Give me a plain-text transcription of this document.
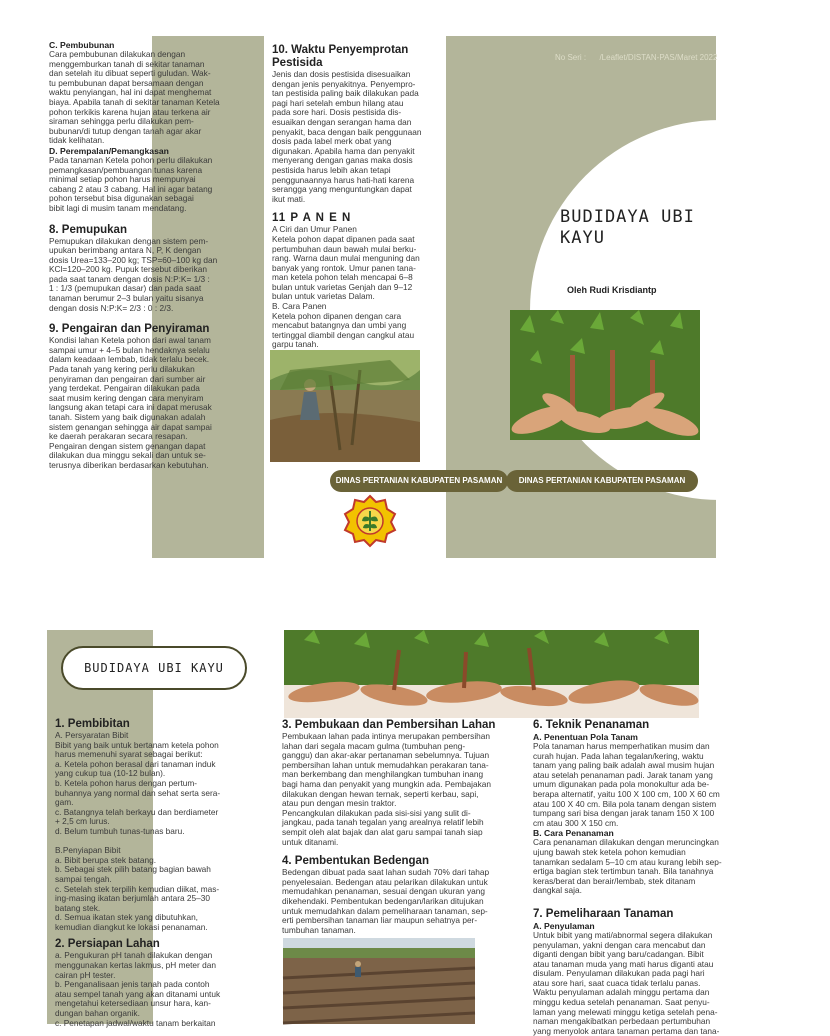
C. Pembubunan

Cara pembubunan dilakukan dengan
menggemburkan tanah di sekitar tanaman
dan setelah itu dibuat seperti guludan. Wak-
tu pembubunan dapat bersamaan dengan
waktu penyiangan, hal ini dapat menghemat
biaya. Apabila tanah di sekitar tanaman Ketela
pohon terkikis karena hujan atau terkena air
siraman sehingga perlu dilakukan pem-
bubunan/di tutup dengan tanah agar akar
tidak kelihatan.

D. Perempalan/Pemangkasan

Pada tanaman Ketela pohon perlu dilakukan
pemangkasan/pembuangan tunas karena
minimal setiap pohon harus mempunyai
cabang 2 atau 3 cabang. Hal ini agar batang
pohon tersebut bisa digunakan sebagai
bibit lagi di musim tanam mendatang.

8. Pemupukan

Pemupukan dilakukan dengan sistem pem-
upukan berimbang antara N, P, K dengan
dosis Urea=133–200 kg; TSP=60–100 kg dan
KCl=120–200 kg. Pupuk tersebut diberikan
pada saat tanam dengan dosis N:P:K= 1/3 :
1 : 1/3 (pemupukan dasar) dan pada saat
tanaman berumur 2–3 bulan yaitu sisanya
dengan dosis N:P:K= 2/3 : 0 : 2/3.

9. Pengairan dan Penyiraman

Kondisi lahan Ketela pohon dari awal tanam
sampai umur + 4–5 bulan hendaknya selalu
dalam keadaan lembab, tidak terlalu becek.
Pada tanah yang kering perlu dilakukan
penyiraman dan pengairan dari sumber air
yang terdekat. Pengairan dilakukan pada
saat musim kering dengan cara menyiram
langsung akan tetapi cara ini dapat merusak
tanah. Sistem yang baik digunakan adalah
sistem genangan sehingga air dapat sampai
ke daerah perakaran secara resapan.
Pengairan dengan sistem genangan dapat
dilakukan dua minggu sekali dan untuk se-
terusnya diberikan berdasarkan kebutuhan.

10. Waktu Penyemprotan
Pestisida

Jenis dan dosis pestisida disesuaikan
dengan jenis penyakitnya. Penyempro-
tan pestisida paling baik dilakukan pada
pagi hari setelah embun hilang atau
pada sore hari. Dosis pestisida dis-
esuaikan dengan serangan hama dan
penyakit, baca dengan baik penggunaan
dosis pada label merk obat yang
digunakan. Apabila hama dan penyakit
menyerang dengan ganas maka dosis
pestisida harus lebih akan tetapi
penggunaannya harus hati-hati karena
serangga yang menguntungkan dapat
ikut mati.

11 P A N E N

A Ciri dan Umur Panen
Ketela pohon dapat dipanen pada saat
pertumbuhan daun bawah mulai berku-
rang. Warna daun mulai menguning dan
banyak yang rontok. Umur panen tana-
man ketela pohon telah mencapai 6–8
bulan untuk varietas Genjah dan 9–12
bulan untuk varietas Dalam.
B. Cara Panen
Ketela pohon dipanen dengan cara
mencabut batangnya dan umbi yang
tertinggal diambil dengan cangkul atau
garpu tanah.

DINAS PERTANIAN KABUPATEN PASAMAN
No Seri :      /Leaflet/DISTAN-PAS/Maret 2022
BUDIDAYA UBI
KAYU
Oleh Rudi Krisdiantp
DINAS PERTANIAN KABUPATEN PASAMAN
BUDIDAYA UBI KAYU

1. Pembibitan

A. Persyaratan Bibit
Bibit yang baik untuk bertanam ketela pohon
harus memenuhi syarat sebagai berikut:
a. Ketela pohon berasal dari tanaman induk
yang cukup tua (10-12 bulan).
b. Ketela pohon harus dengan pertum-
buhannya yang normal dan sehat serta sera-
gam.
c. Batangnya telah berkayu dan berdiameter
+ 2,5 cm lurus.
d. Belum tumbuh tunas-tunas baru.

B.Penyiapan Bibit
a. Bibit berupa stek batang.
b. Sebagai stek pilih batang bagian bawah
sampai tengah.
c. Setelah stek terpilih kemudian diikat, mas-
ing-masing ikatan berjumlah antara 25–30
batang stek.
d. Semua ikatan stek yang dibutuhkan,
kemudian diangkut ke lokasi penanaman.

2. Persiapan Lahan

a. Pengukuran pH tanah dilakukan dengan
menggunakan kertas lakmus, pH meter dan
cairan pH tester.
b. Penganalisaan jenis tanah pada contoh
atau sempel tanah yang akan ditanami untuk
mengetahui ketersediaan unsur hara, kan-
dungan bahan organik.
c. Penetapan jadwal/waktu tanam berkaitan

3. Pembukaan dan Pembersihan Lahan

Pembukaan lahan pada intinya merupakan pembersihan
lahan dari segala macam gulma (tumbuhan peng-
ganggu) dan akar-akar pertanaman sebelumnya. Tujuan
pembersihan lahan untuk memudahkan perakaran tana-
man berkembang dan menghilangkan tumbuhan inang
bagi hama dan penyakit yang mungkin ada. Pembajakan
dilakukan dengan hewan ternak, seperti kerbau, sapi,
atau pun dengan mesin traktor.
Pencangkulan dilakukan pada sisi-sisi yang sulit di-
jangkau, pada tanah tegalan yang arealnya relatif lebih
sempit oleh alat bajak dan alat garu sampai tanah siap
untuk ditanami.

4. Pembentukan Bedengan

Bedengan dibuat pada saat lahan sudah 70% dari tahap
penyelesaian. Bedengan atau pelarikan dilakukan untuk
memudahkan penanaman, sesuai dengan ukuran yang
dikehendaki. Pembentukan bedengan/larikan ditujukan
untuk memudahkan dalam pemeliharaan tanaman, sep-
erti pembersihan tanaman liar maupun sehatnya per-
tumbuhan tanaman.

6. Teknik Penanaman

A. Penentuan Pola Tanam

Pola tanaman harus memperhatikan musim dan
curah hujan. Pada lahan tegalan/kering, waktu
tanam yang paling baik adalah awal musim hujan
atau setelah penanaman padi. Jarak tanam yang
umum digunakan pada pola monokultur ada be-
berapa alternatif, yaitu 100 X 100 cm, 100 X 60 cm
atau 100 X 40 cm. Bila pola tanam dengan sistem
tumpang sari bisa dengan jarak tanam 150 X 100
cm atau 300 X 150 cm.

B. Cara Penanaman

Cara penanaman dilakukan dengan meruncingkan
ujung bawah stek ketela pohon kemudian
tanamkan sedalam 5–10 cm atau kurang lebih sep-
ertiga bagian stek tertimbun tanah. Bila tanahnya
keras/berat dan berair/lembab, stek ditanam
dangkal saja.

7. Pemeliharaan Tanaman

A. Penyulaman

Untuk bibit yang mati/abnormal segera dilakukan
penyulaman, yakni dengan cara mencabut dan
diganti dengan bibit yang baru/cadangan. Bibit
atau tanaman muda yang mati harus diganti atau
disulam. Penyulaman dilakukan pada pagi hari
atau sore hari, saat cuaca tidak terlalu panas.
Waktu penyulaman adalah minggu pertama dan
minggu kedua setelah penanaman. Saat penyu-
laman yang melewati minggu ketiga setelah pena-
naman mengakibatkan perbedaan pertumbuhan
yang menyolok antara tanaman pertama dan tana-
